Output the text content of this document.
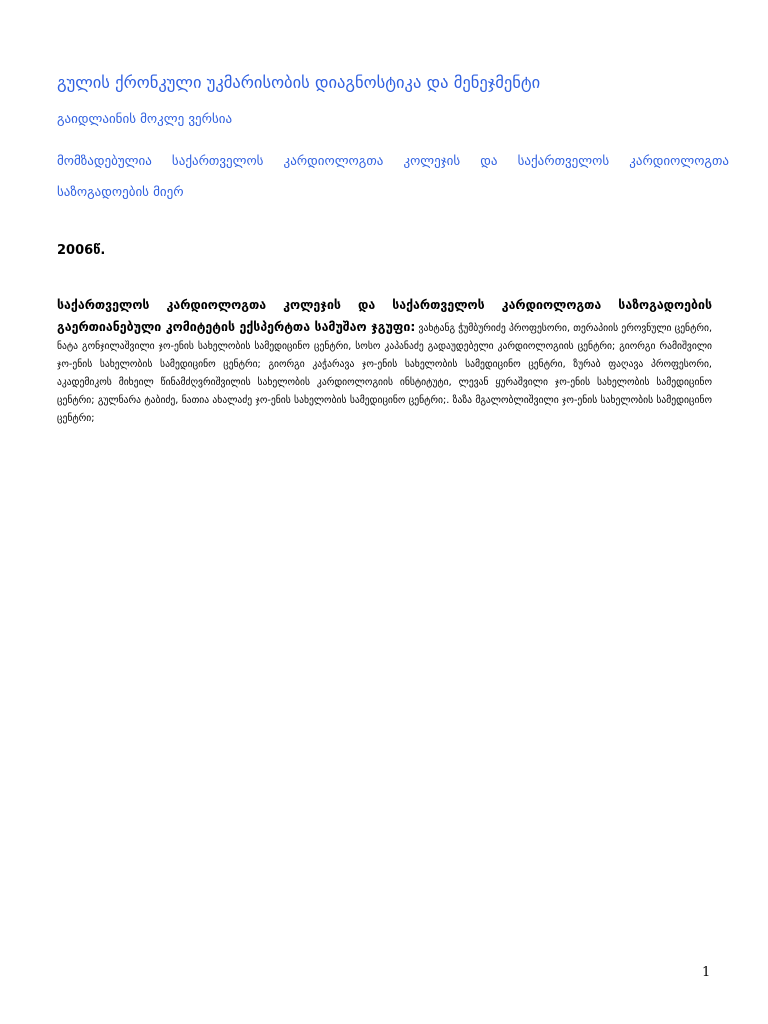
გულის ქრონკული უკმარისობის დიაგნოსტიკა და მენეჯმენტი

გაიდლაინის მოკლე ვერსია

მომზადებულია საქართველოს კარდიოლოგთა კოლეჯის და საქართველოს კარდიოლოგთა საზოგადოების მიერ

2006წ.

საქართველოს კარდიოლოგთა კოლეჯის და საქართველოს კარდიოლოგთა საზოგადოების გაერთიანებული კომიტეტის ექსპერტთა სამუშაო ჯგუფი: ვახტანგ ჭუმბურიძე პროფესორი, თერაპიის ეროვნული ცენტრი, ნატა გონჯილაშვილი ჯო-ენის სახელობის სამედიცინო ცენტრი, სოსო კაპანაძე გადაუდებელი კარდიოლოგიის ცენტრი; გიორგი რამიშვილი ჯო-ენის სახელობის სამედიცინო ცენტრი; გიორგი კაჭარავა ჯო-ენის სახელობის სამედიცინო ცენტრი, ზურაბ ფაღავა პროფესორი, აკადემიკოს მიხეილ წინამძღვრიშვილის სახელობის კარდიოლოგიის ინსტიტუტი, ლევან ყურაშვილი ჯო-ენის სახელობის სამედიცინო ცენტრი; გულნარა ტაბიძე, ნათია ახალაძე ჯო-ენის სახელობის სამედიცინო ცენტრი;. ზაზა მგალობლიშვილი ჯო-ენის სახელობის სამედიცინო ცენტრი;

1
